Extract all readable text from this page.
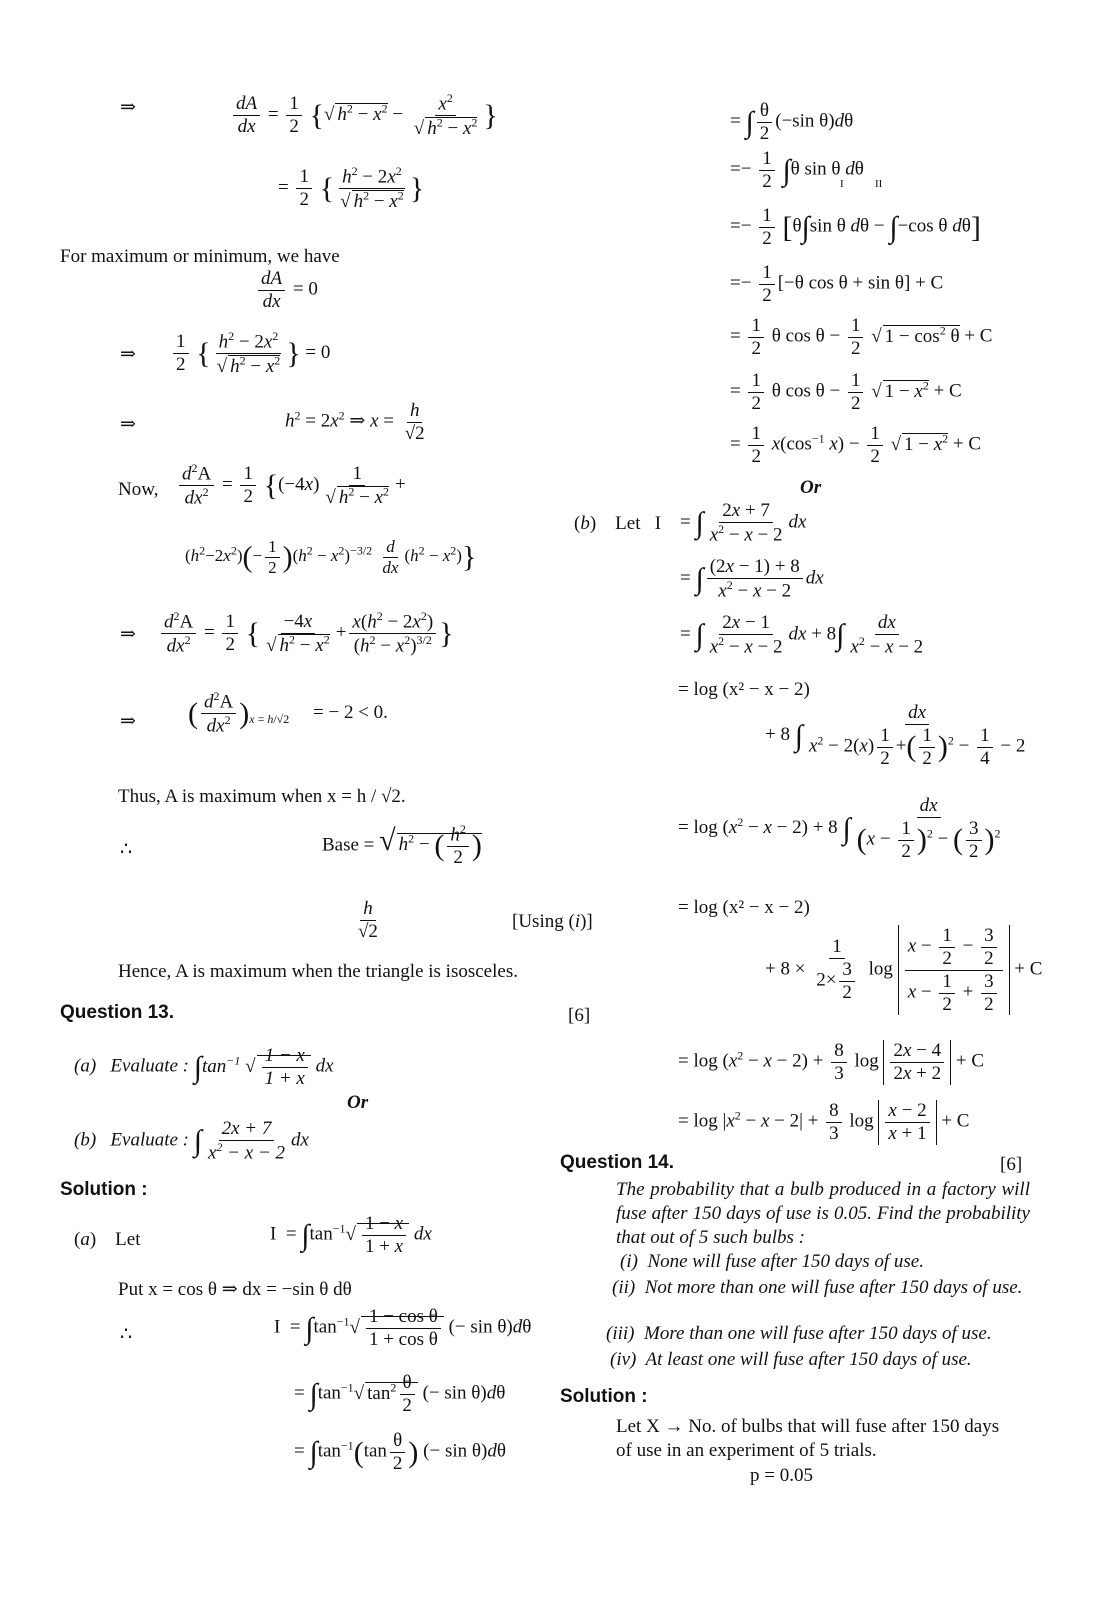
⇒	$\frac{dA}{dx} = \frac{1}{2}$ { √ $h^2 - x^2 - x^2$
√ $h^2 - x^2$ }
= $\frac{1}{2}$ { $h^2 - 2x^2$
√ $h^2 - x^2$ }
For maximum or minimum, we have
$\frac{dA}{dx} = 0$
⇒ $\frac{1}{2}$ { $h^2 - 2x^2$
√ $h^2 - x^2$ } = 0
⇒	$h^2 = 2x^2$ ⇒ $x = \frac{h}{√2}$
Now, $\frac{d^2A}{dx^2} = \frac{1}{2} \{(-4x)$ 1
√ $h^2 - x^2$ +
$(h^2-2x^2)(- \frac{1}{2} )(h^2 - x^2)^{-3/2} \frac{d}{dx} (h^2 - x^2)$}
⇒ $\frac{d^2A}{dx^2} = \frac{1}{2}$ { −4x
√ $h^2 - x^2 + \frac{x(h^2 - 2x^2)}{(h^2 - x^2)^{3/2}}$ }
⇒ ( $\frac{d^2A}{dx^2} )_{x = h/√2}$     = − 2 < 0.
Thus, A is maximum when x = h / √2.
∴	Base = √ $h^2$ − ( $\frac{h^2}{2}$ )
$\frac{h}{√2}$	[Using (i)]
Hence, A is maximum when the triangle is isosceles.
Question 13.	[6]
(a) Evaluate : $\int\tan^{-1}$ √ $\frac{1 - x}{1 + x}$ dx
Or
(b) Evaluate : ∫ $\frac{2x + 7}{x^2 - x - 2}$ dx
Solution :
(a)    Let	$I = \int\tan^{-1}√ \frac{1 - x}{1 + x}$ dx
Put x = cos θ ⇒ dx = −sin θ dθ
∴	$I = \int\tan^{-1}√ \frac{\text{1 − cos θ}}{\text{1 + cos θ}}$ (− sin θ)dθ
= $\int\tan^{-1}$ √ $\tan^2 \frac{\theta}{2}$ (− sin θ)dθ
= $\int\tan^{-1}(\tan \frac{\theta}{2}$ ) (− sin θ)dθ
= ∫ $\frac{\theta}{2} (-\sin$ θ)dθ
=− $\frac{1}{2} \int\theta$ sin θ dθ
I	II
=− $\frac{1}{2} [\theta\int\sin$ θ dθ − ∫−cos θ dθ]
=− $\frac{1}{2} [-\theta$ cos θ + sin θ] + C
= $\frac{1}{2}$ θ $\cos \theta - \frac{1}{2}$ √ $1 - \cos^2 \theta + C$
= $\frac{1}{2}$ θ $\cos \theta - \frac{1}{2}$ √ $1 - x^2 + C$
= $\frac{1}{2} x(\cos^{-1}$ $x) - \frac{1}{2}$ √ $1 - x^2 + C$
Or
(b)    Let I = ∫ $\frac{2x + 7}{x^2 - x - 2}$ dx
= ∫ $\frac{(2x - 1) + 8}{x^2 - x - 2}$ dx
= ∫ $\frac{2x - 1}{x^2 - x - 2}$ dx + $8\int \frac{dx}{x^2 - x - 2}$
= log (x² − x − 2)
+ 8 ∫ $\frac{dx}{x^2 - 2(x) \frac{1}{2} +( \frac{1}{2} )^2 - \frac{1}{4} - 2}$
= $\log (x^2 - x - 2) + 8$ ∫ $\frac{dx}{(x - \frac{1}{2} )^2 - ( \frac{3}{2} )^2}$
= log (x² − x − 2)
+ $8 \times \frac{1}{2\times \frac{3}{2}}$ $\log \frac{x - \frac{1}{2} - \frac{3}{2}}{x - \frac{1}{2} + \frac{3}{2}} + C$
= $\log (x^2 - x - 2) + \frac{8}{3}$ $\log \frac{2x - 4}{2x + 2} + C$
= $\log |x^2 - x - 2| + \frac{8}{3}$ $\log \frac{x - 2}{x + 1} + C$
Question 14.	[6]
The probability that a bulb produced in a factory will fuse after 150 days of use is 0.05. Find the probability that out of 5 such bulbs :
(i) None will fuse after 150 days of use.
(ii) Not more than one will fuse after 150 days of use.
(iii) More than one will fuse after 150 days of use.
(iv) At least one will fuse after 150 days of use.
Solution :
Let X → No. of bulbs that will fuse after 150 days
of use in an experiment of 5 trials.
p = 0.05
